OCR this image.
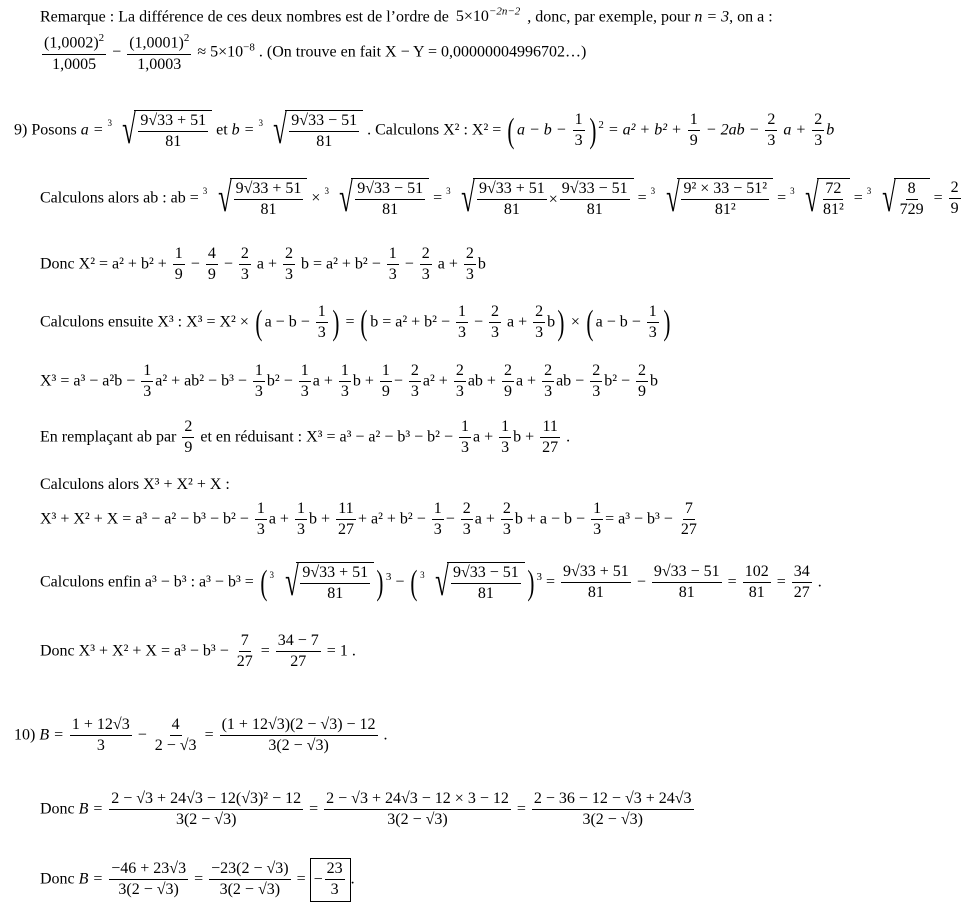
Remarque : La différence de ces deux nombres est de l’ordre de $5\times 10^{-2n-2}$ , donc, par exemple, pour n = 3, on a :
$\frac{(1,0002)^2}{1,0005} - \frac{(1,0001)^2}{1,0003} \approx 5\times 10^{-8}$ . (On trouve en fait X − Y = 0,00000004996702…)
9) Posons a = 3 √ $\frac{9√33 + 51}{81}$ et b = 3 √ $\frac{9√33 - 51}{81}$ . Calculons X² : X² = ( $a - b - \frac{1}{3}$ ) $^2 = a^2 + b^2 + \frac{1}{9} - 2ab - \frac{2}{3}$ $a + \frac{2}{3}$ b
Calculons alors ab : ab = 3 √ $\frac{9√33 + 51}{81} \times 3$ √ $\frac{9√33 - 51}{81} = 3$ √ $\frac{9√33 + 51}{81} \times \frac{9√33 - 51}{81} = 3$ √ $\frac{\text{9² × 33 − 51²}}{\text{81²}} = 3$ √ $\frac{72}{\text{81²}} = 3$ √ $\frac{8}{729} = \frac{2}{9}$
Donc $X^2 = a^2 + b^2 + \frac{1}{9} - \frac{4}{9} - \frac{2}{3}$ $a + \frac{2}{3}$ $b = a^2 + b^2 - \frac{1}{3} - \frac{2}{3}$ $a + \frac{2}{3}$ b
Calculons ensuite X³ : X³ = X² × ( $a - b - \frac{1}{3}$ ) = ( $b = a^2 + b^2 - \frac{1}{3} - \frac{2}{3}$ $a + \frac{2}{3} b$) × ( $a - b - \frac{1}{3}$ )
$X^3 = a^3 - a^2b - \frac{1}{3} a^2 + ab^2 - b^3 - \frac{1}{3} b^2 - \frac{1}{3}$ $a + \frac{1}{3}$ $b + \frac{1}{9} - \frac{2}{3} a^2 + \frac{2}{3}$ ab + $\frac{2}{9}$ $a + \frac{2}{3}$ ab − $\frac{2}{3} b^2 - \frac{2}{9}$ b
En remplaçant ab par $\frac{2}{9}$ et en réduisant : $X^3 = a^3 - a^2 - b^3 - b^2 - \frac{1}{3}$ $a + \frac{1}{3}$ $b + \frac{11}{27}$ .
Calculons alors X³ + X² + X :
$X^3 + X^2 + X = a^3 - a^2 - b^3 - b^2 - \frac{1}{3}$ $a + \frac{1}{3}$ $b + \frac{11}{27} + a^2 + b^2 - \frac{1}{3} - \frac{2}{3}$ $a + \frac{2}{3}$ $b + a - b - \frac{1}{3} = a^3 - b^3 - \frac{7}{27}$
Calculons enfin a³ − b³ : a³ − b³ = ( 3 √ $\frac{9√33 + 51}{81}$ ) $^3$ − ( 3 √ $\frac{9√33 - 51}{81}$ ) $^3 = \frac{9√33 + 51}{81} - \frac{9√33 - 51}{81} = \frac{102}{81} = \frac{34}{27}$ .
Donc $X^3 + X^2 + X = a^3 - b^3 - \frac{7}{27} = \frac{34 - 7}{27} = 1$ .
10) $B = \frac{1 + 12√3}{3} - \frac{4}{2 - √3} = \frac{(1 + 12√3)(2 - √3) - 12}{3(2 - √3)}$ .
Donc $B = \frac{\text{2 − √3 + 24√3 − 12(√3)² − 12}}{3(2 - √3)} = \frac{2 - √3 + 24√3 - 12 \times 3 - 12}{3(2 - √3)} = \frac{2 - 36 - 12 - √3 + 24√3}{3(2 - √3)}$
Donc $B = \frac{-46 + 23√3}{3(2 - √3)} = \frac{-23(2 - √3)}{3(2 - √3)}$ = − $\frac{23}{3}$ .
